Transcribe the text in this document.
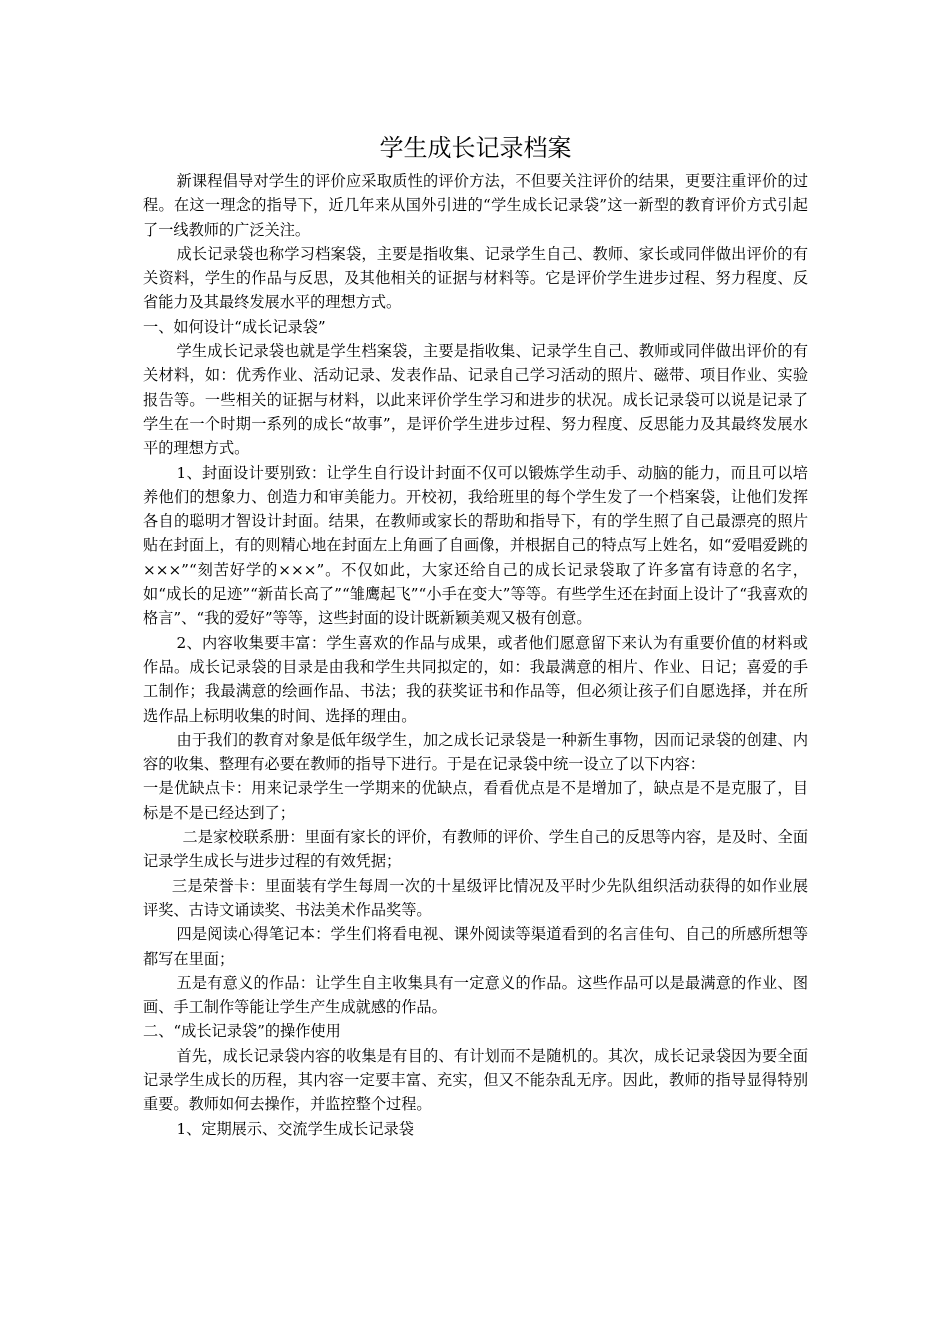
学生成长记录档案

新课程倡导对学生的评价应采取质性的评价方法，不但要关注评价的结果，更要注重评价的过程。在这一理念的指导下，近几年来从国外引进的“学生成长记录袋”这一新型的教育评价方式引起了一线教师的广泛关注。

成长记录袋也称学习档案袋，主要是指收集、记录学生自己、教师、家长或同伴做出评价的有关资料，学生的作品与反思，及其他相关的证据与材料等。它是评价学生进步过程、努力程度、反省能力及其最终发展水平的理想方式。

一、如何设计“成长记录袋”

学生成长记录袋也就是学生档案袋，主要是指收集、记录学生自己、教师或同伴做出评价的有关材料，如：优秀作业、活动记录、发表作品、记录自己学习活动的照片、磁带、项目作业、实验报告等。一些相关的证据与材料，以此来评价学生学习和进步的状况。成长记录袋可以说是记录了学生在一个时期一系列的成长“故事”，是评价学生进步过程、努力程度、反思能力及其最终发展水平的理想方式。

1、封面设计要别致：让学生自行设计封面不仅可以锻炼学生动手、动脑的能力，而且可以培养他们的想象力、创造力和审美能力。开校初，我给班里的每个学生发了一个档案袋，让他们发挥各自的聪明才智设计封面。结果，在教师或家长的帮助和指导下，有的学生照了自己最漂亮的照片贴在封面上，有的则精心地在封面左上角画了自画像，并根据自己的特点写上姓名，如“爱唱爱跳的×××”“刻苦好学的×××”。不仅如此，大家还给自己的成长记录袋取了许多富有诗意的名字，如“成长的足迹”“新苗长高了”“雏鹰起飞”“小手在变大”等等。有些学生还在封面上设计了“我喜欢的格言”、“我的爱好”等等，这些封面的设计既新颖美观又极有创意。

2、内容收集要丰富：学生喜欢的作品与成果，或者他们愿意留下来认为有重要价值的材料或作品。成长记录袋的目录是由我和学生共同拟定的，如：我最满意的相片、作业、日记；喜爱的手工制作；我最满意的绘画作品、书法；我的获奖证书和作品等，但必须让孩子们自愿选择，并在所选作品上标明收集的时间、选择的理由。

由于我们的教育对象是低年级学生，加之成长记录袋是一种新生事物，因而记录袋的创建、内容的收集、整理有必要在教师的指导下进行。于是在记录袋中统一设立了以下内容：

一是优缺点卡：用来记录学生一学期来的优缺点，看看优点是不是增加了，缺点是不是克服了，目标是不是已经达到了；

二是家校联系册：里面有家长的评价，有教师的评价、学生自己的反思等内容，是及时、全面记录学生成长与进步过程的有效凭据；

三是荣誉卡：里面装有学生每周一次的十星级评比情况及平时少先队组织活动获得的如作业展评奖、古诗文诵读奖、书法美术作品奖等。

四是阅读心得笔记本：学生们将看电视、课外阅读等渠道看到的名言佳句、自己的所感所想等都写在里面；

五是有意义的作品：让学生自主收集具有一定意义的作品。这些作品可以是最满意的作业、图画、手工制作等能让学生产生成就感的作品。

二、“成长记录袋”的操作使用

首先，成长记录袋内容的收集是有目的、有计划而不是随机的。其次，成长记录袋因为要全面记录学生成长的历程，其内容一定要丰富、充实，但又不能杂乱无序。因此，教师的指导显得特别重要。教师如何去操作，并监控整个过程。

1、定期展示、交流学生成长记录袋
